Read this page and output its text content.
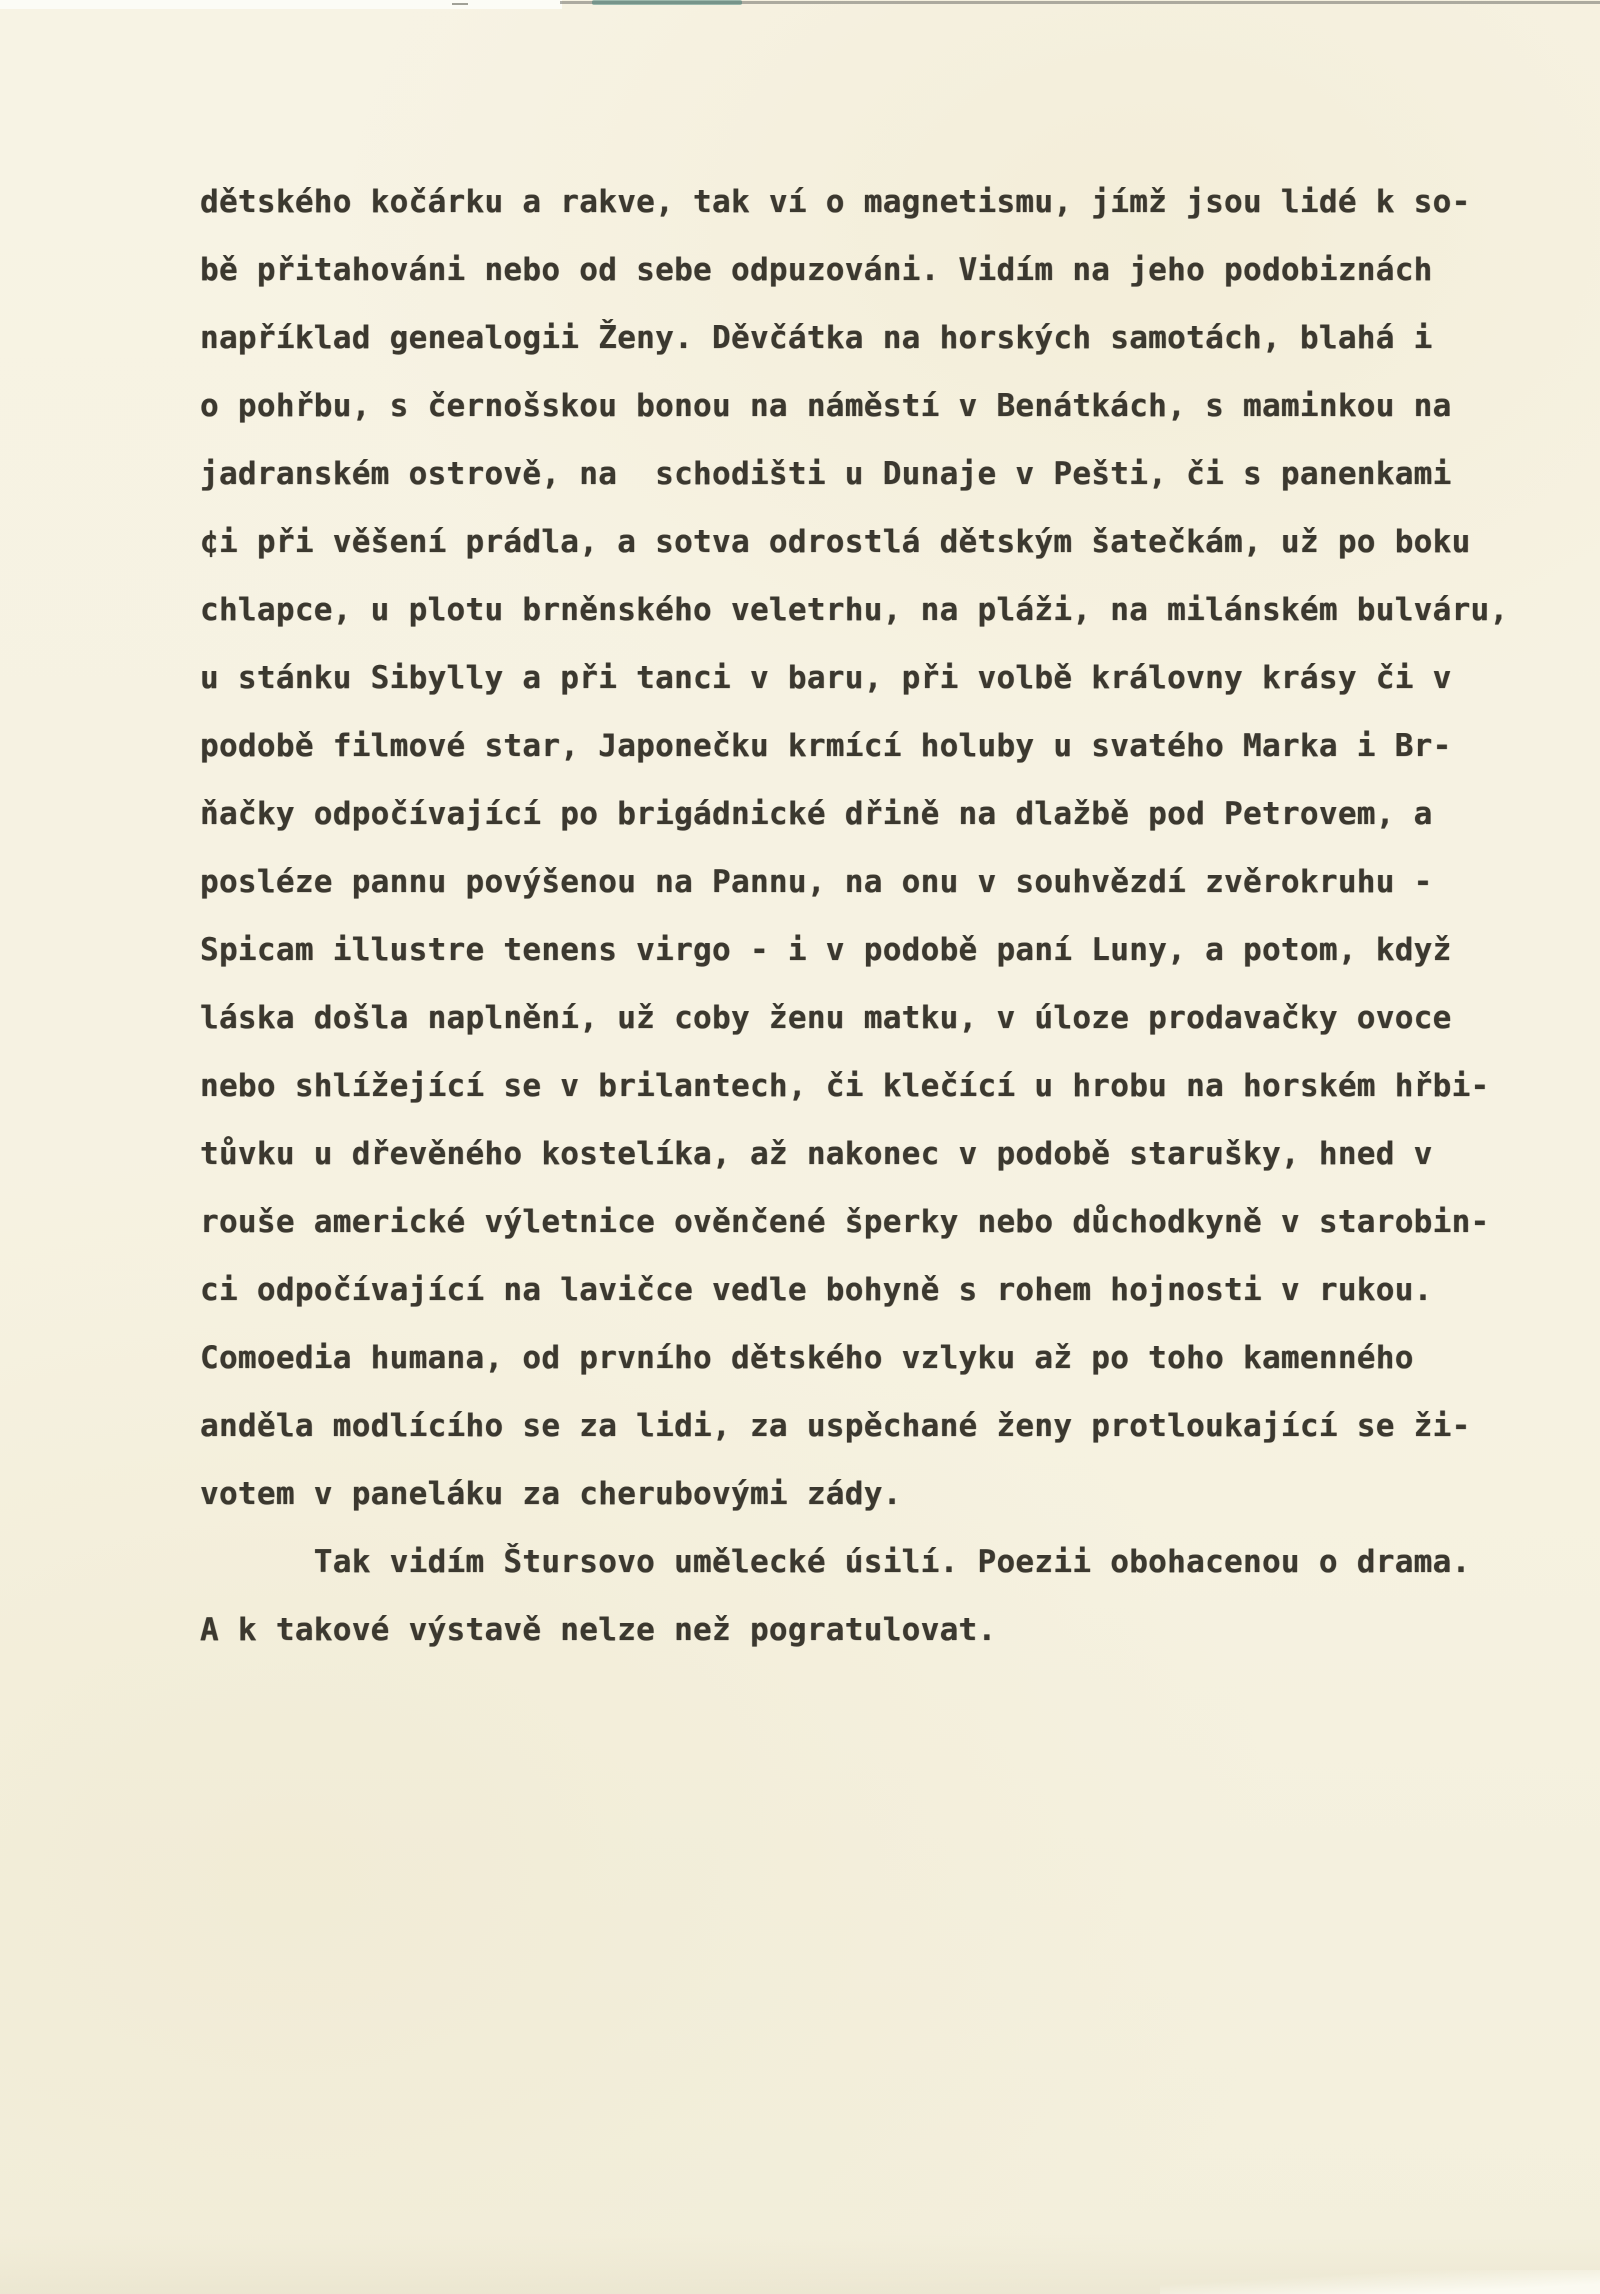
dětského kočárku a rakve, tak ví o magnetismu, jímž jsou lidé k so-
bě přitahováni nebo od sebe odpuzováni. Vidím na jeho podobiznách
například genealogii Ženy. Děvčátka na horských samotách, blahá i
o pohřbu, s černošskou bonou na náměstí v Benátkách, s maminkou na
jadranském ostrově, na  schodišti u Dunaje v Pešti, či s panenkami
¢i při věšení prádla, a sotva odrostlá dětským šatečkám, už po boku
chlapce, u plotu brněnského veletrhu, na pláži, na milánském bulváru,
u stánku Sibylly a při tanci v baru, při volbě královny krásy či v
podobě filmové star, Japonečku krmící holuby u svatého Marka i Br-
ňačky odpočívající po brigádnické dřině na dlažbě pod Petrovem, a
posléze pannu povýšenou na Pannu, na onu v souhvězdí zvěrokruhu -
Spicam illustre tenens virgo - i v podobě paní Luny, a potom, když
láska došla naplnění, už coby ženu matku, v úloze prodavačky ovoce
nebo shlížející se v brilantech, či klečící u hrobu na horském hřbi-
tůvku u dřevěného kostelíka, až nakonec v podobě starušky, hned v
rouše americké výletnice ověnčené šperky nebo důchodkyně v starobin-
ci odpočívající na lavičce vedle bohyně s rohem hojnosti v rukou.
Comoedia humana, od prvního dětského vzlyku až po toho kamenného
anděla modlícího se za lidi, za uspěchané ženy protloukající se ži-
votem v paneláku za cherubovými zády.
Tak vidím Štursovo umělecké úsilí. Poezii obohacenou o drama.
A k takové výstavě nelze než pogratulovat.
